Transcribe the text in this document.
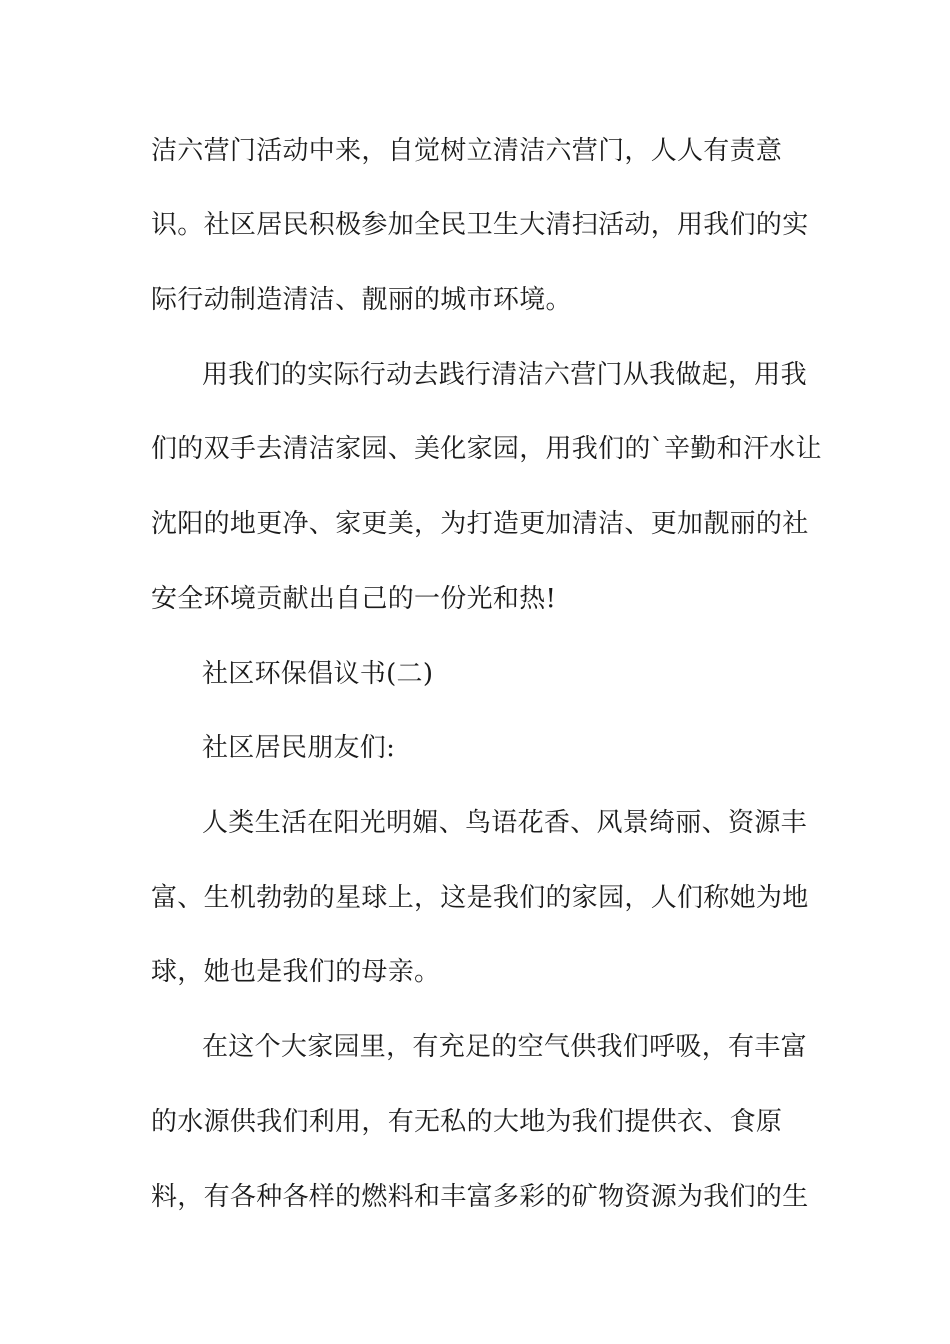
洁六营门活动中来，自觉树立清洁六营门，人人有责意

识。社区居民积极参加全民卫生大清扫活动，用我们的实

际行动制造清洁、靓丽的城市环境。

用我们的实际行动去践行清洁六营门从我做起，用我

们的双手去清洁家园、美化家园，用我们的`辛勤和汗水让

沈阳的地更净、家更美，为打造更加清洁、更加靓丽的社

安全环境贡献出自己的一份光和热!

社区环保倡议书(二)

社区居民朋友们:

人类生活在阳光明媚、鸟语花香、风景绮丽、资源丰

富、生机勃勃的星球上，这是我们的家园，人们称她为地

球，她也是我们的母亲。

在这个大家园里，有充足的空气供我们呼吸，有丰富

的水源供我们利用，有无私的大地为我们提供衣、食原

料，有各种各样的燃料和丰富多彩的矿物资源为我们的生
